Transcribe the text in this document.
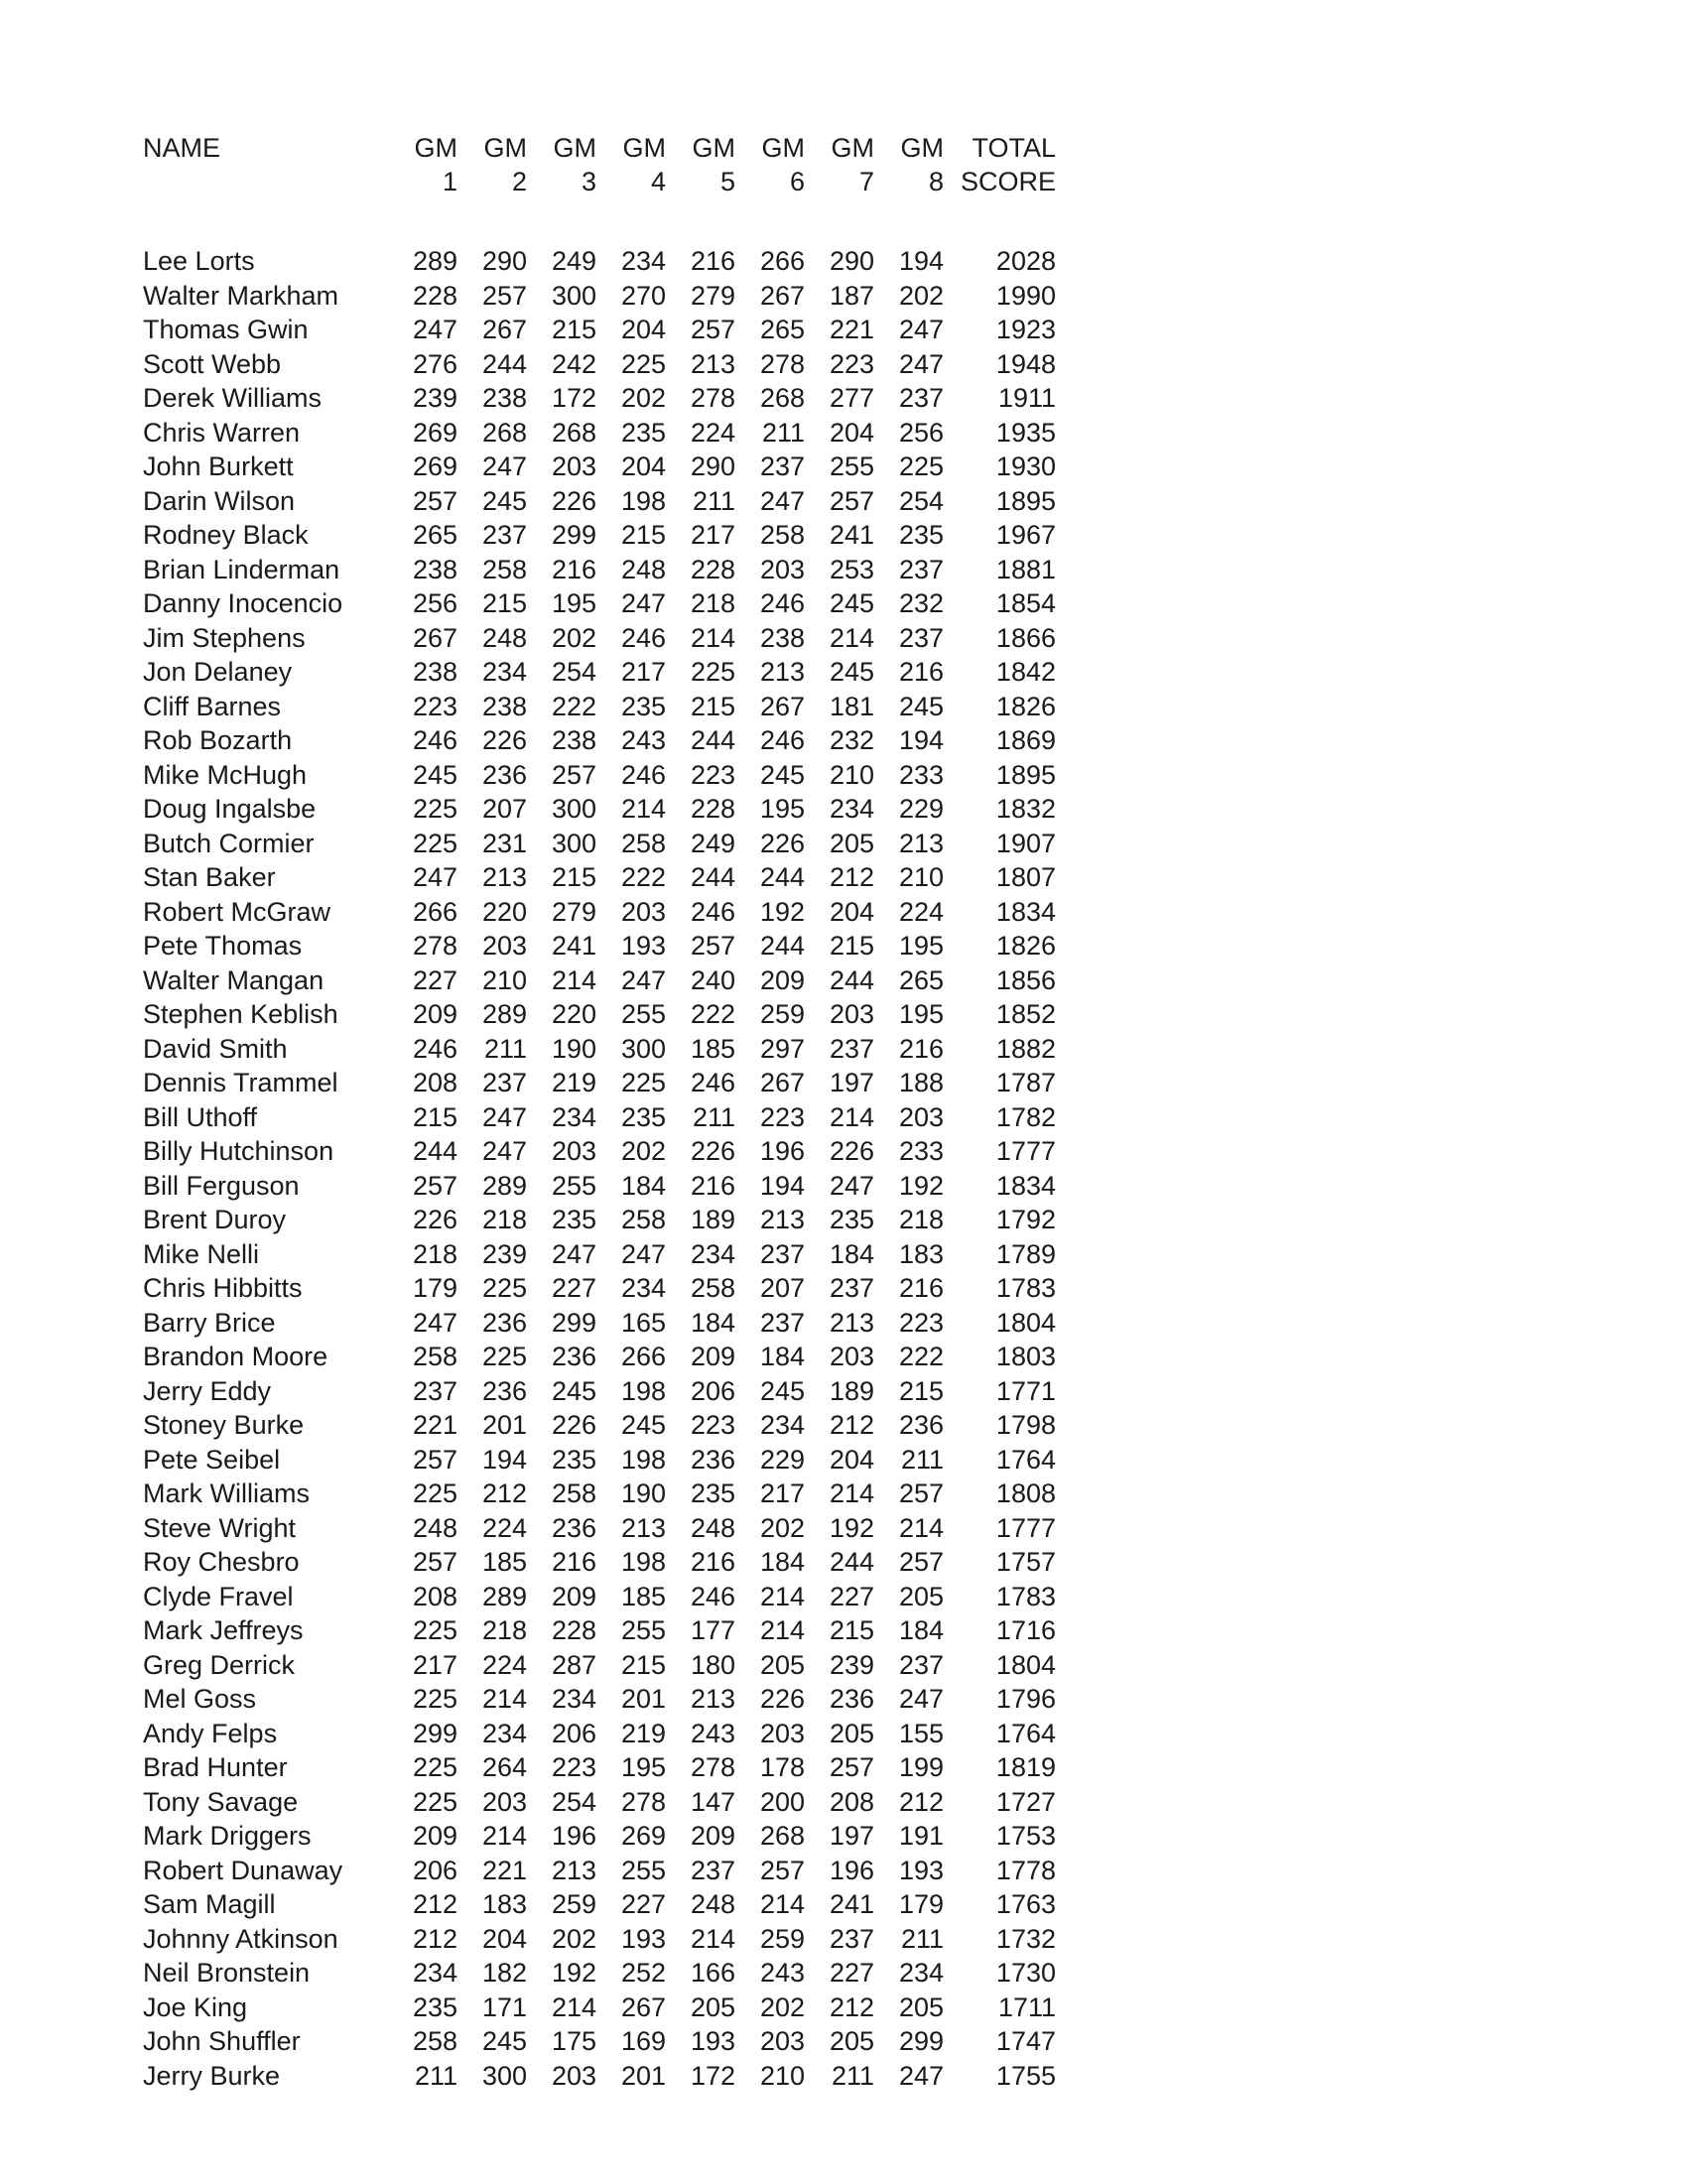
NAME	GM	GM	GM	GM	GM	GM	GM	GM	TOTAL
	1	2	3	4	5	6	7	8	SCORE

Lee Lorts	289	290	249	234	216	266	290	194	2028
Walter Markham	228	257	300	270	279	267	187	202	1990
Thomas Gwin	247	267	215	204	257	265	221	247	1923
Scott Webb	276	244	242	225	213	278	223	247	1948
Derek Williams	239	238	172	202	278	268	277	237	1911
Chris Warren	269	268	268	235	224	211	204	256	1935
John Burkett	269	247	203	204	290	237	255	225	1930
Darin Wilson	257	245	226	198	211	247	257	254	1895
Rodney Black	265	237	299	215	217	258	241	235	1967
Brian Linderman	238	258	216	248	228	203	253	237	1881
Danny Inocencio	256	215	195	247	218	246	245	232	1854
Jim Stephens	267	248	202	246	214	238	214	237	1866
Jon Delaney	238	234	254	217	225	213	245	216	1842
Cliff Barnes	223	238	222	235	215	267	181	245	1826
Rob Bozarth	246	226	238	243	244	246	232	194	1869
Mike McHugh	245	236	257	246	223	245	210	233	1895
Doug Ingalsbe	225	207	300	214	228	195	234	229	1832
Butch Cormier	225	231	300	258	249	226	205	213	1907
Stan Baker	247	213	215	222	244	244	212	210	1807
Robert McGraw	266	220	279	203	246	192	204	224	1834
Pete Thomas	278	203	241	193	257	244	215	195	1826
Walter Mangan	227	210	214	247	240	209	244	265	1856
Stephen Keblish	209	289	220	255	222	259	203	195	1852
David Smith	246	211	190	300	185	297	237	216	1882
Dennis Trammel	208	237	219	225	246	267	197	188	1787
Bill Uthoff	215	247	234	235	211	223	214	203	1782
Billy Hutchinson	244	247	203	202	226	196	226	233	1777
Bill Ferguson	257	289	255	184	216	194	247	192	1834
Brent Duroy	226	218	235	258	189	213	235	218	1792
Mike Nelli	218	239	247	247	234	237	184	183	1789
Chris Hibbitts	179	225	227	234	258	207	237	216	1783
Barry Brice	247	236	299	165	184	237	213	223	1804
Brandon Moore	258	225	236	266	209	184	203	222	1803
Jerry Eddy	237	236	245	198	206	245	189	215	1771
Stoney Burke	221	201	226	245	223	234	212	236	1798
Pete Seibel	257	194	235	198	236	229	204	211	1764
Mark Williams	225	212	258	190	235	217	214	257	1808
Steve Wright	248	224	236	213	248	202	192	214	1777
Roy Chesbro	257	185	216	198	216	184	244	257	1757
Clyde Fravel	208	289	209	185	246	214	227	205	1783
Mark Jeffreys	225	218	228	255	177	214	215	184	1716
Greg Derrick	217	224	287	215	180	205	239	237	1804
Mel Goss	225	214	234	201	213	226	236	247	1796
Andy Felps	299	234	206	219	243	203	205	155	1764
Brad Hunter	225	264	223	195	278	178	257	199	1819
Tony Savage	225	203	254	278	147	200	208	212	1727
Mark Driggers	209	214	196	269	209	268	197	191	1753
Robert Dunaway	206	221	213	255	237	257	196	193	1778
Sam Magill	212	183	259	227	248	214	241	179	1763
Johnny Atkinson	212	204	202	193	214	259	237	211	1732
Neil Bronstein	234	182	192	252	166	243	227	234	1730
Joe King	235	171	214	267	205	202	212	205	1711
John Shuffler	258	245	175	169	193	203	205	299	1747
Jerry Burke	211	300	203	201	172	210	211	247	1755
